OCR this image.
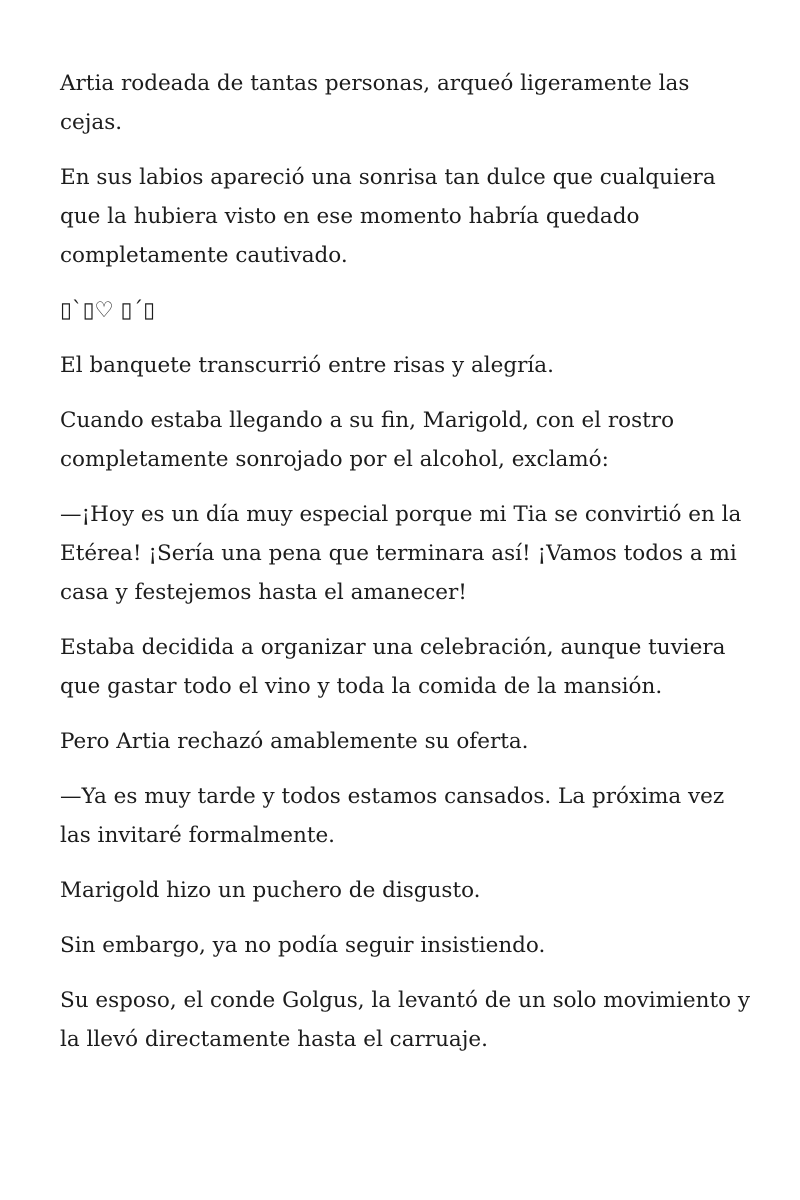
Artia rodeada de tantas personas, arqueó ligeramente las cejas.

En sus labios apareció una sonrisa tan dulce que cualquiera que la hubiera visto en ese momento habría quedado completamente cautivado.

▯`▯♡ ▯´▯

El banquete transcurrió entre risas y alegría.

Cuando estaba llegando a su fin, Marigold, con el rostro completamente sonrojado por el alcohol, exclamó:

—¡Hoy es un día muy especial porque mi Tia se convirtió en la Etérea! ¡Sería una pena que terminara así! ¡Vamos todos a mi casa y festejemos hasta el amanecer!

Estaba decidida a organizar una celebración, aunque tuviera que gastar todo el vino y toda la comida de la mansión.

Pero Artia rechazó amablemente su oferta.

—Ya es muy tarde y todos estamos cansados. La próxima vez las invitaré formalmente.

Marigold hizo un puchero de disgusto.

Sin embargo, ya no podía seguir insistiendo.

Su esposo, el conde Golgus, la levantó de un solo movimiento y la llevó directamente hasta el carruaje.
